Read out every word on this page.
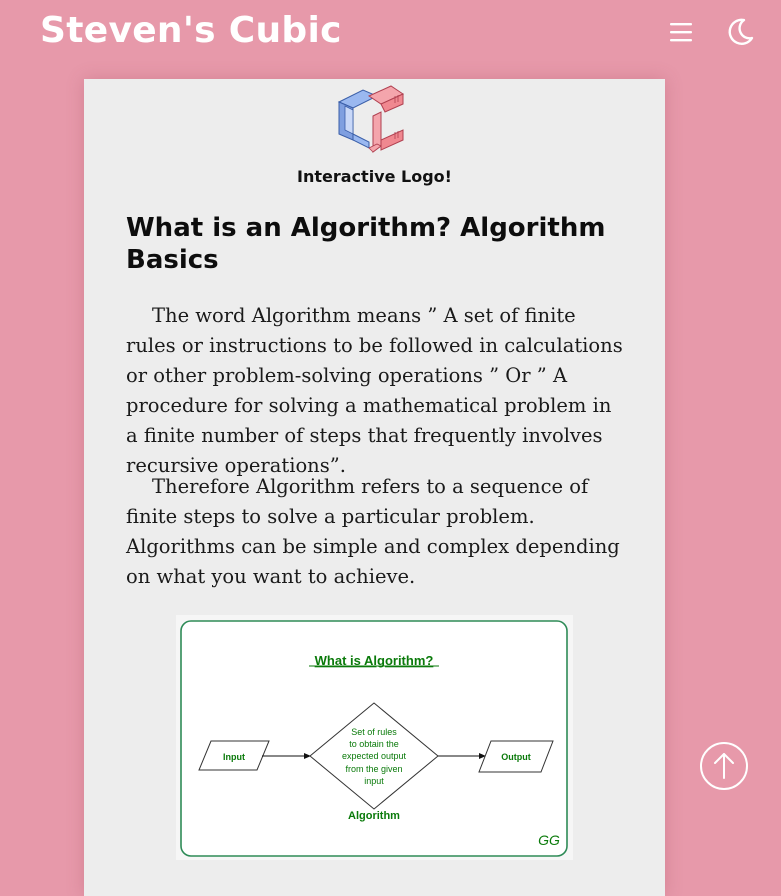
Steven's Cubic
Interactive Logo!
What is an Algorithm? Algorithm Basics

The word Algorithm means ” A set of finite rules or instructions to be followed in calculations or other problem-solving operations ” Or ” A procedure for solving a mathematical problem in a finite number of steps that frequently involves recursive operations”.

Therefore Algorithm refers to a sequence of finite steps to solve a particular problem. Algorithms can be simple and complex depending on what you want to achieve.

What is Algorithm?
Input
Set of rules
to obtain the
expected output
from the given
input
Output
Algorithm
GG
